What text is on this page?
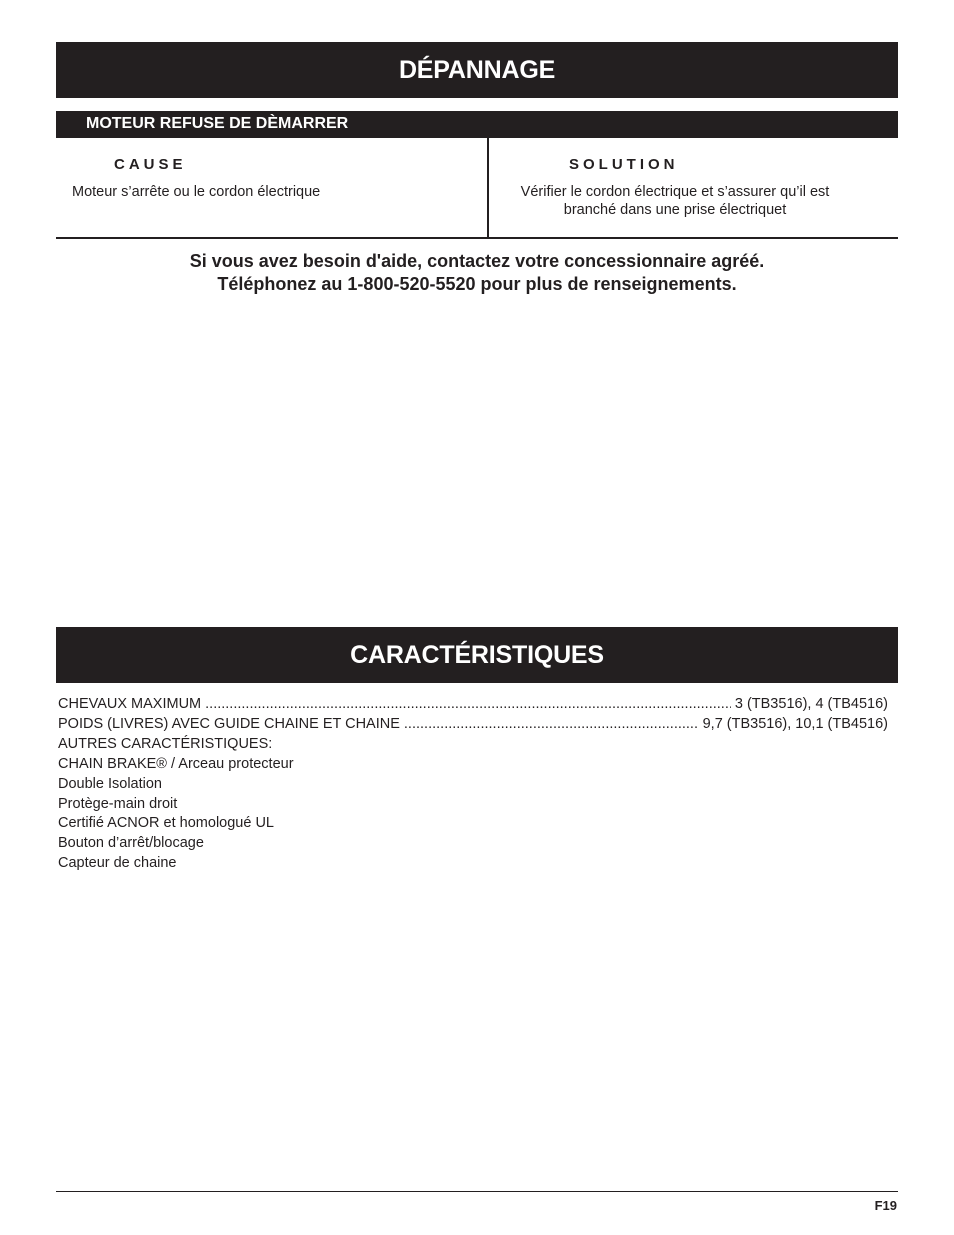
DÉPANNAGE
MOTEUR REFUSE DE DÈMARRER
CAUSE	SOLUTION
Moteur s’arrête ou le cordon électrique	Vérifier le cordon électrique et s’assurer qu’il est branché dans une prise électriquet
Si vous avez besoin d'aide, contactez votre concessionnaire agréé.
Téléphonez au 1-800-520-5520 pour plus de renseignements.
CARACTÉRISTIQUES
CHEVAUX MAXIMUM .....	3 (TB3516), 4 (TB4516)
POIDS (LIVRES) AVEC GUIDE CHAINE ET CHAINE .....	9,7 (TB3516), 10,1 (TB4516)
AUTRES CARACTÉRISTIQUES:
CHAIN BRAKE® / Arceau protecteur
Double Isolation
Protège-main droit
Certifié ACNOR et homologué UL
Bouton d’arrêt/blocage
Capteur de chaine
F19
